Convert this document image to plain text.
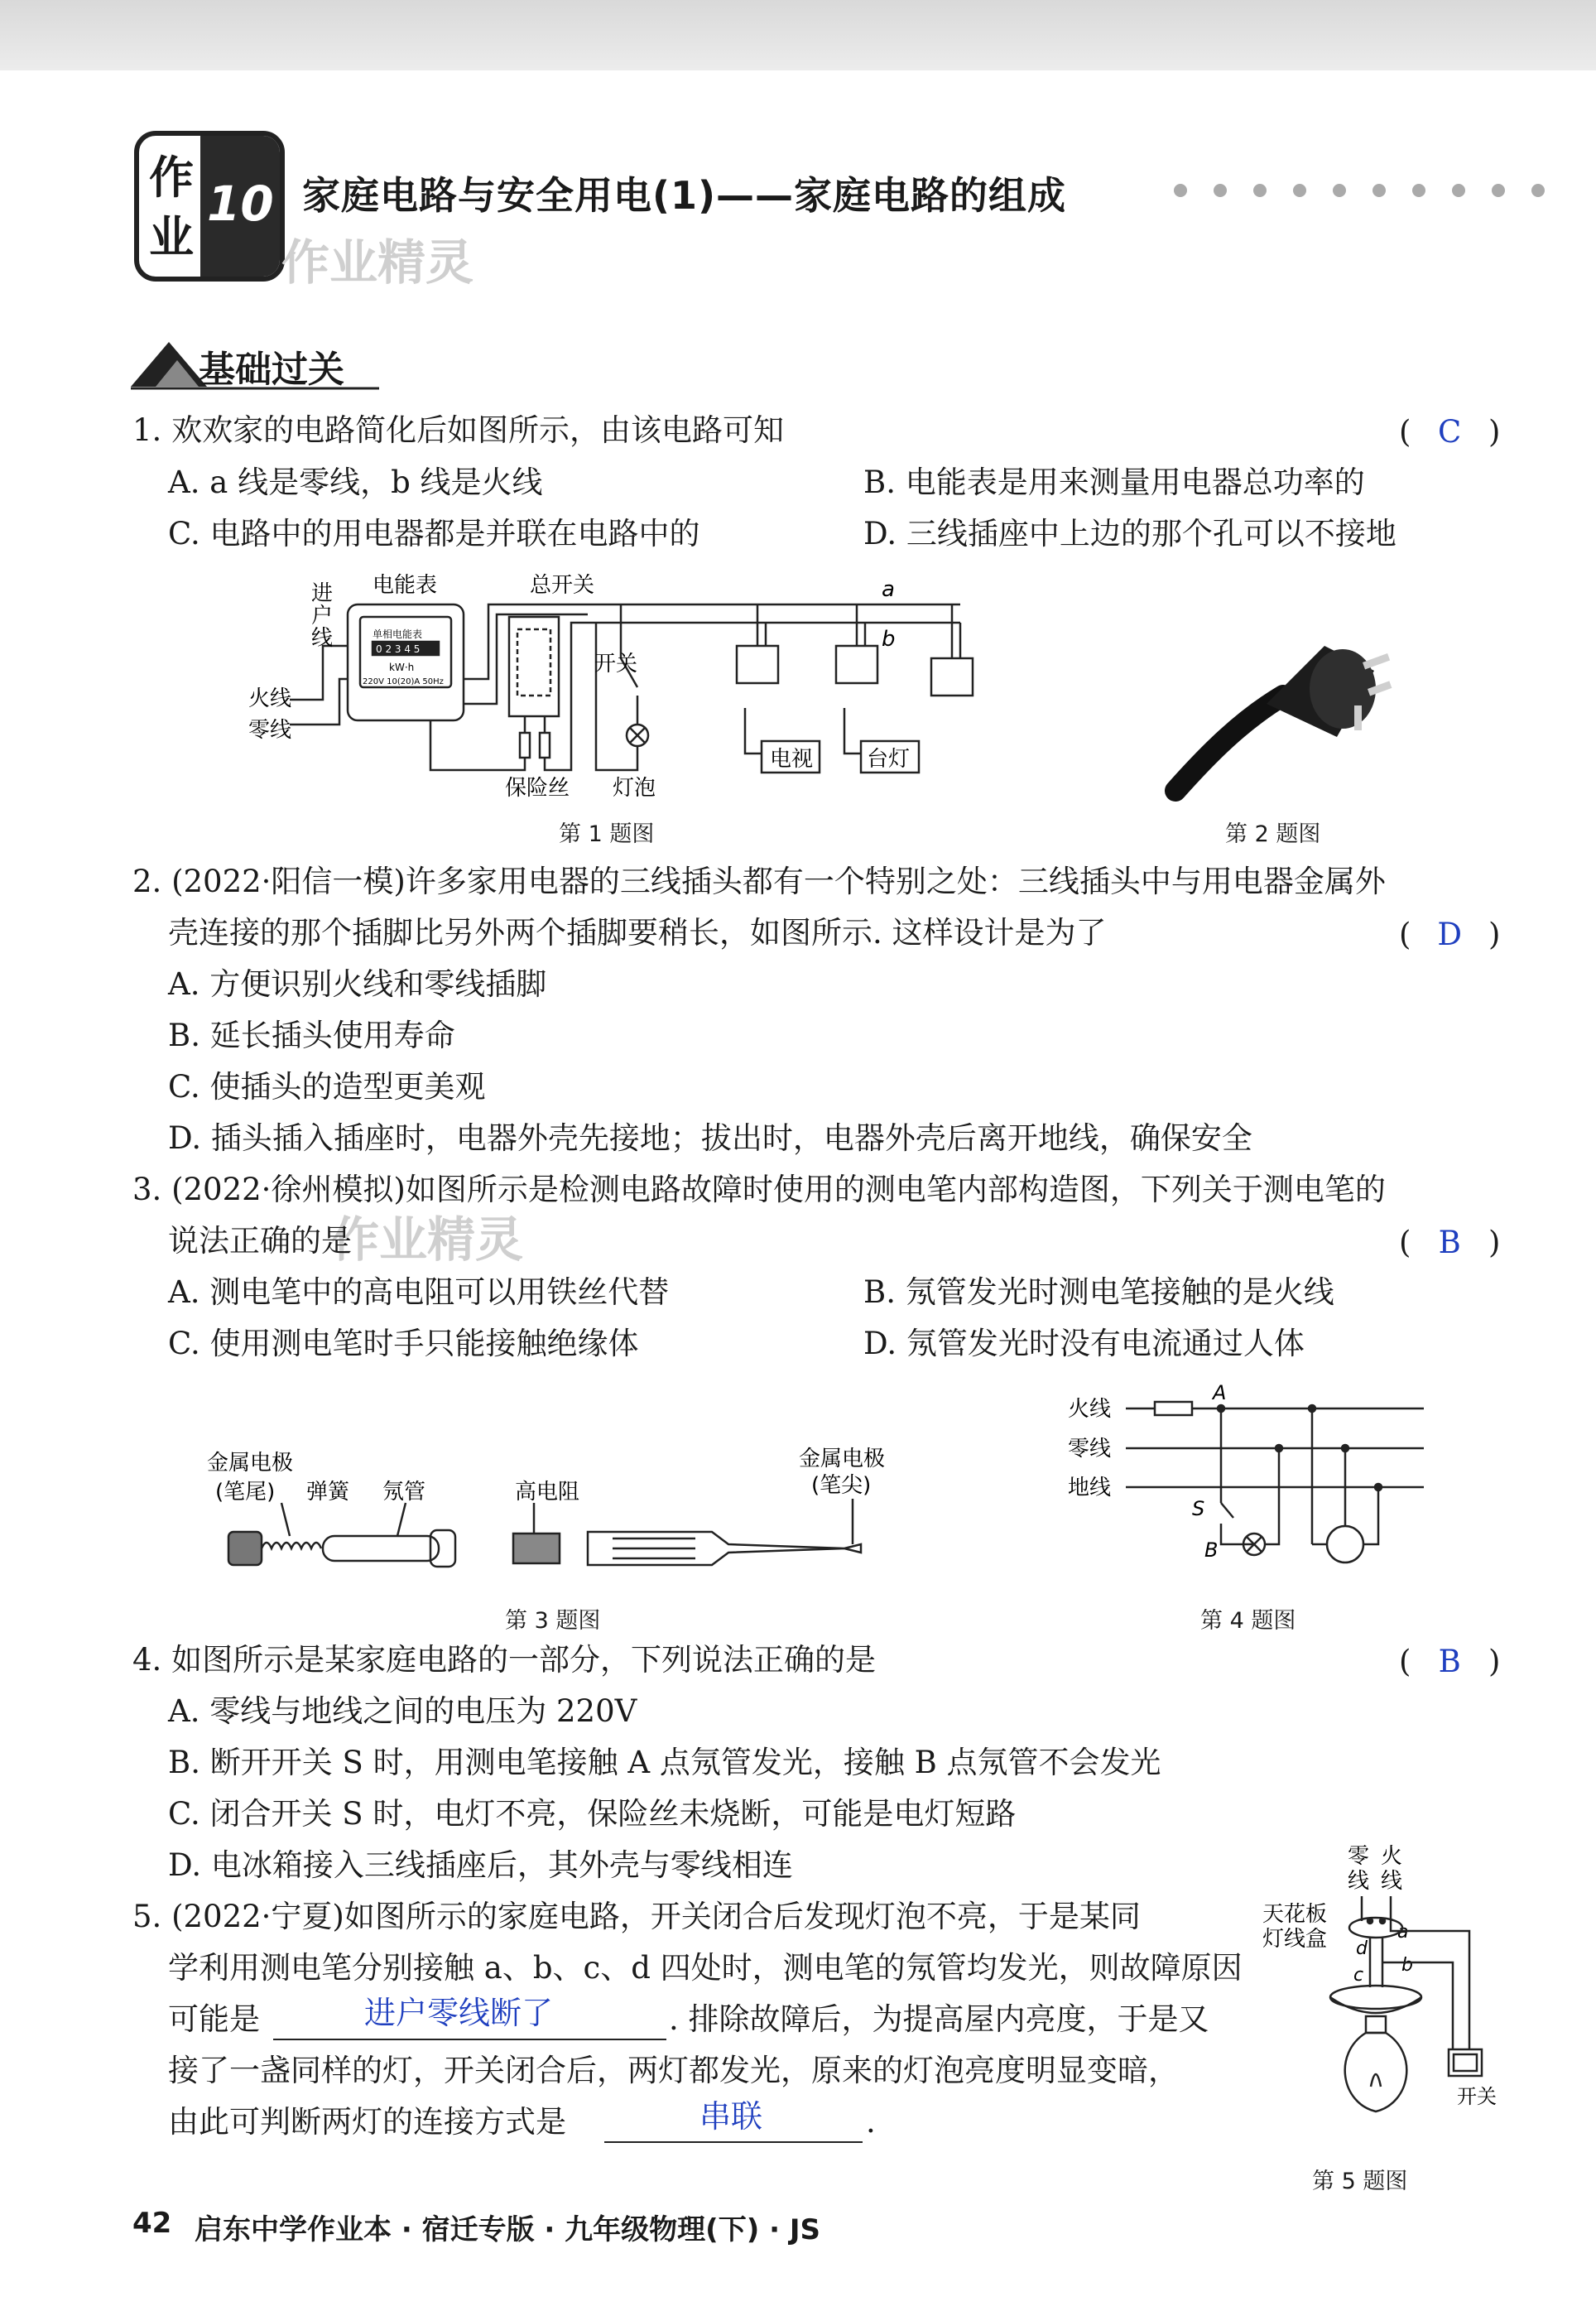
作
业
10 家庭电路与安全用电(1)——家庭电路的组成
作业精灵
作业精灵
基础过关
1. 欢欢家的电路简化后如图所示，由该电路可知	( C )
A. a 线是零线，b 线是火线	B. 电能表是用来测量用电器总功率的
C. 电路中的用电器都是并联在电路中的	D. 三线插座中上边的那个孔可以不接地
进
户
线
电能表	总开关
火线
零线
开关
灯泡
保险丝
电视 台灯
a
b
单相电能表
0 2 3 4 5
kW·h
220V 10(20)A 50Hz
第 1 题图	第 2 题图
2. (2022·阳信一模)许多家用电器的三线插头都有一个特别之处：三线插头中与用电器金属外
壳连接的那个插脚比另外两个插脚要稍长，如图所示. 这样设计是为了	( D )
A. 方便识别火线和零线插脚
B. 延长插头使用寿命
C. 使插头的造型更美观
D. 插头插入插座时，电器外壳先接地；拔出时，电器外壳后离开地线，确保安全
3. (2022·徐州模拟)如图所示是检测电路故障时使用的测电笔内部构造图，下列关于测电笔的
说法正确的是	( B )
A. 测电笔中的高电阻可以用铁丝代替	B. 氖管发光时测电笔接触的是火线
C. 使用测电笔时手只能接触绝缘体	D. 氖管发光时没有电流通过人体
金属电极
(笔尾) 弹簧 氖管	高电阻
金属电极
(笔尖)
第 3 题图
火线
零线
地线
A
S
B
第 4 题图
4. 如图所示是某家庭电路的一部分，下列说法正确的是	( B )
A. 零线与地线之间的电压为 220V
B. 断开开关 S 时，用测电笔接触 A 点氖管发光，接触 B 点氖管不会发光
C. 闭合开关 S 时，电灯不亮，保险丝未烧断，可能是电灯短路
D. 电冰箱接入三线插座后，其外壳与零线相连
5. (2022·宁夏)如图所示的家庭电路，开关闭合后发现灯泡不亮，于是某同
学利用测电笔分别接触 a、b、c、d 四处时，测电笔的氖管均发光，则故障原因
可能是	进户零线断了	. 排除故障后，为提高屋内亮度，于是又
接了一盏同样的灯，开关闭合后，两灯都发光，原来的灯泡亮度明显变暗，
由此可判断两灯的连接方式是	串联	.
零
线
火
线
天花板
灯线盒	a
b
c
d
开关
第 5 题图
42 启东中学作业本 · 宿迁专版 · 九年级物理(下) · JS
